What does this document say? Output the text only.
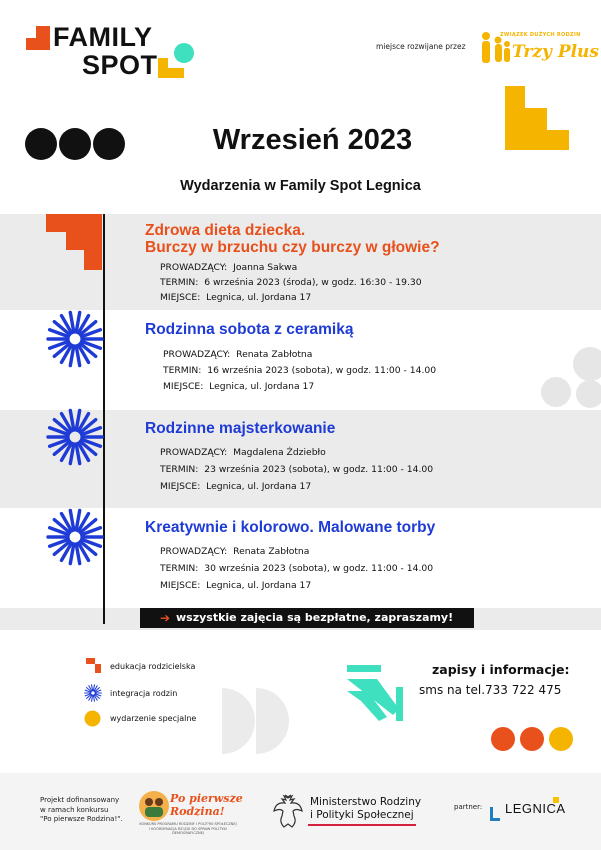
FAMILY
SPOT
miejsce rozwijane przez
ZWIĄZEK DUŻYCH RODZIN
Trzy Plus
Wrzesień 2023
Wydarzenia w Family Spot Legnica
Zdrowa dieta dziecka.
Burczy w brzuchu czy burczy w głowie?
PROWADZĄCY: Joanna Sakwa
TERMIN: 6 września 2023 (środa), w godz. 16:30 - 19.30
MIEJSCE: Legnica, ul. Jordana 17
Rodzinna sobota z ceramiką
PROWADZĄCY: Renata Zabłotna
TERMIN: 16 września 2023 (sobota), w godz. 11:00 - 14.00
MIEJSCE: Legnica, ul. Jordana 17
Rodzinne majsterkowanie
PROWADZĄCY: Magdalena Ździebło
TERMIN: 23 września 2023 (sobota), w godz. 11:00 - 14.00
MIEJSCE: Legnica, ul. Jordana 17
Kreatywnie i kolorowo. Malowane torby
PROWADZĄCY: Renata Zabłotna
TERMIN: 30 września 2023 (sobota), w godz. 11:00 - 14.00
MIEJSCE: Legnica, ul. Jordana 17
wszystkie zajęcia są bezpłatne, zapraszamy!
➔
edukacja rodzicielska
integracja rodzin
wydarzenie specjalne
zapisy i informacje:
sms na tel.733 722 475
Projekt dofinansowany
w ramach konkursu
"Po pierwsze Rodzina!".
Po pierwsze
Rodzina!
KONKURS PROGRAMU RODZINY I POLITYKI SPOŁECZNEJ
I KOORDYNACJA RZĄDU DO SPRAW POLITYKI DEMOGRAFICZNEJ
Ministerstwo Rodziny
i Polityki Społecznej
partner: LEGNICA
